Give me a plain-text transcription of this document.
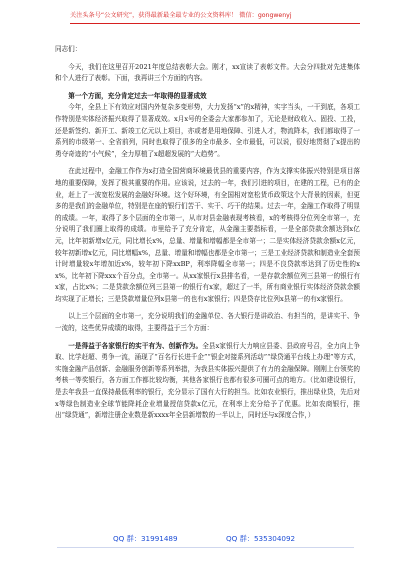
关注头条号“公文研究”，获得最新最全最专业的公文资料库！ 微信：gongwenyj

同志们：

今天，我们在这里召开2021年度总结表彰大会。刚才，xx宣读了表彰文件。大会分四批对先进集体和个人进行了表彰。下面，我再讲三个方面的内容。

第一个方面，充分肯定过去一年取得的显著成效

今年，全县上下有效应对国内外复杂多变形势，大力发扬“x”的x精神，实字当头，一干到底，各项工作特别是实体经济振兴取得了显著成效。x月x号的全委会大家都参加了，无论是财政收入、固投、工投，还是新签约、新开工、新竣工亿元以上项目，亦或者是用地保障、引进人才，物流降本，我们都取得了一系列的市级第一、全省前列，同时也取得了很多的全市最多、全市最低，可以说，很好地贯彻了x提出的勇夺奇迹的“小气候”，全力厚植了x超超发展的“大趋势”。

在此过程中，金融工作作为x打造全国营商环境最优县的重要内容，作为支撑实体振兴特别是项目落地的重要保障，发挥了极其重要的作用。应该说，过去的一年，我们引进的项目，在建的工程，已有的企业，赶上了一波宽松发展的金融好环境。这个好环境，有全国相对宽松货币政策这个大背景的因素，但更多的是我们的金融单位，特别是在座的银行们苦干、实干、巧干的结果。过去一年，金融工作取得了明显的成绩。一年，取得了多个层面的全市第一，从市对县金融表现考核看，x的考核得分位列全市第一，充分说明了我们圈上取得的成绩。市里给予了充分肯定，从金融主要指标看，一是全部贷款余额达到x亿元，比年初新增x亿元，同比增长x%，总量、增量和增幅都是全市第一；二是实体经济贷款余额x亿元，较年初新增x亿元，同比增幅x%，总量、增量和增幅也都是全市第一；三是工业经济贷款和制造业全套预计时增量较x年增加近x%，较年初下降xxBP，利率降幅全市第一；四是不良贷款率达到了历史性的xx%，比年初下降xxx个百分点，全市第一。从xx家银行x县排名看，一是存款余额位列三县第一的银行有x家，占比x%；二是贷款余额位列三县第一的银行有x家，超过了一半，所有商业银行实体经济贷款余额均实现了正增长；三是贷款增量位列x县第一的也有x家银行；四是贷存比位列x县第一的有x家银行。

以上三个层面的全市第一，充分说明我们的金融单位、各大银行是讲政治、有担当的，是讲实干、争一流的，这些优异成绩的取得，主要得益于三个方面：

一是得益于各家银行的实干有为、创新作为。全县x家银行大力响应县委、县政府号召，全力向上争取、比学赶超、勇争一流，涌现了“百名行长进千企”“银企对接系列活动”“绿贷通平台线上办理”等方式，实施金融产品创新、金融服务创新等系列举措，为我县实体振兴提供了有力的金融保障。刚刚上台领奖的考核一等奖银行，各方面工作都比较均衡，其他各家银行也都有很多可圈可点的地方。（比如建设银行，是去年我县一直保持最低利率的银行，充分显示了国有大行的担当。比如农业银行，推出绿业贷，先后对x等绿色制造业全球节能降耗企业增量授信贷款x亿元，在利率上充分给予了优惠。比如农商银行，推出“绿贷通”，新增注册企业数是新xxxx年全县新增数的一半以上，同时还与x深度合作，）

QQ 群：31991489	QQ 群：535304092
